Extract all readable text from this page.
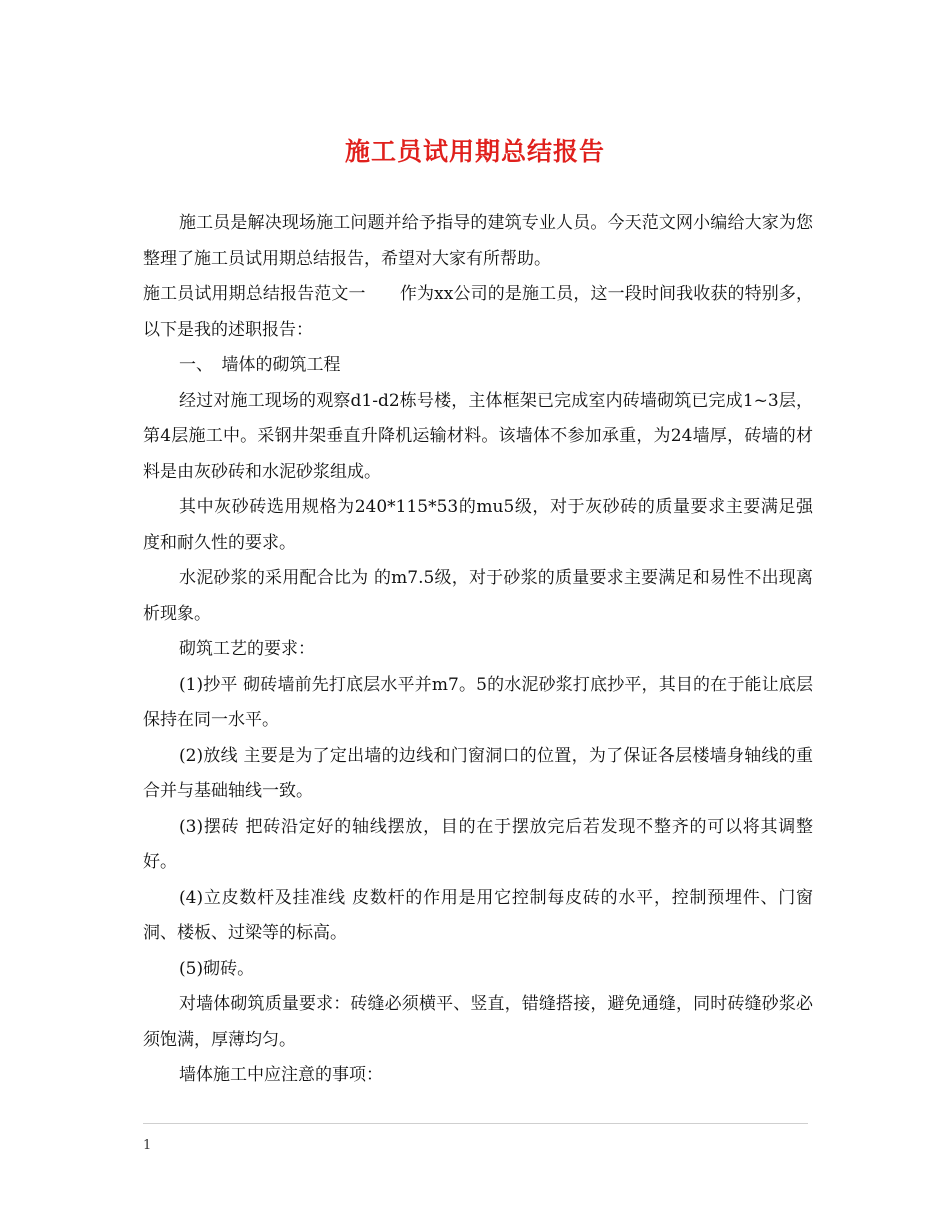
施工员试用期总结报告

施工员是解决现场施工问题并给予指导的建筑专业人员。今天范文网小编给大家为您整理了施工员试用期总结报告，希望对大家有所帮助。

施工员试用期总结报告范文一　　作为xx公司的是施工员，这一段时间我收获的特别多，以下是我的述职报告：

一、　墙体的砌筑工程

经过对施工现场的观察d1-d2栋号楼，主体框架已完成室内砖墙砌筑已完成1~3层，第4层施工中。采钢井架垂直升降机运输材料。该墙体不参加承重，为24墙厚，砖墙的材料是由灰砂砖和水泥砂浆组成。

其中灰砂砖选用规格为240*115*53的mu5级，对于灰砂砖的质量要求主要满足强度和耐久性的要求。

水泥砂浆的采用配合比为 的m7.5级，对于砂浆的质量要求主要满足和易性不出现离析现象。

砌筑工艺的要求：

(1)抄平 砌砖墙前先打底层水平并m7。5的水泥砂浆打底抄平，其目的在于能让底层保持在同一水平。

(2)放线 主要是为了定出墙的边线和门窗洞口的位置，为了保证各层楼墙身轴线的重合并与基础轴线一致。

(3)摆砖 把砖沿定好的轴线摆放，目的在于摆放完后若发现不整齐的可以将其调整好。

(4)立皮数杆及挂准线 皮数杆的作用是用它控制每皮砖的水平，控制预埋件、门窗洞、楼板、过梁等的标高。

(5)砌砖。

对墙体砌筑质量要求：砖缝必须横平、竖直，错缝搭接，避免通缝，同时砖缝砂浆必须饱满，厚薄均匀。

墙体施工中应注意的事项：

1
